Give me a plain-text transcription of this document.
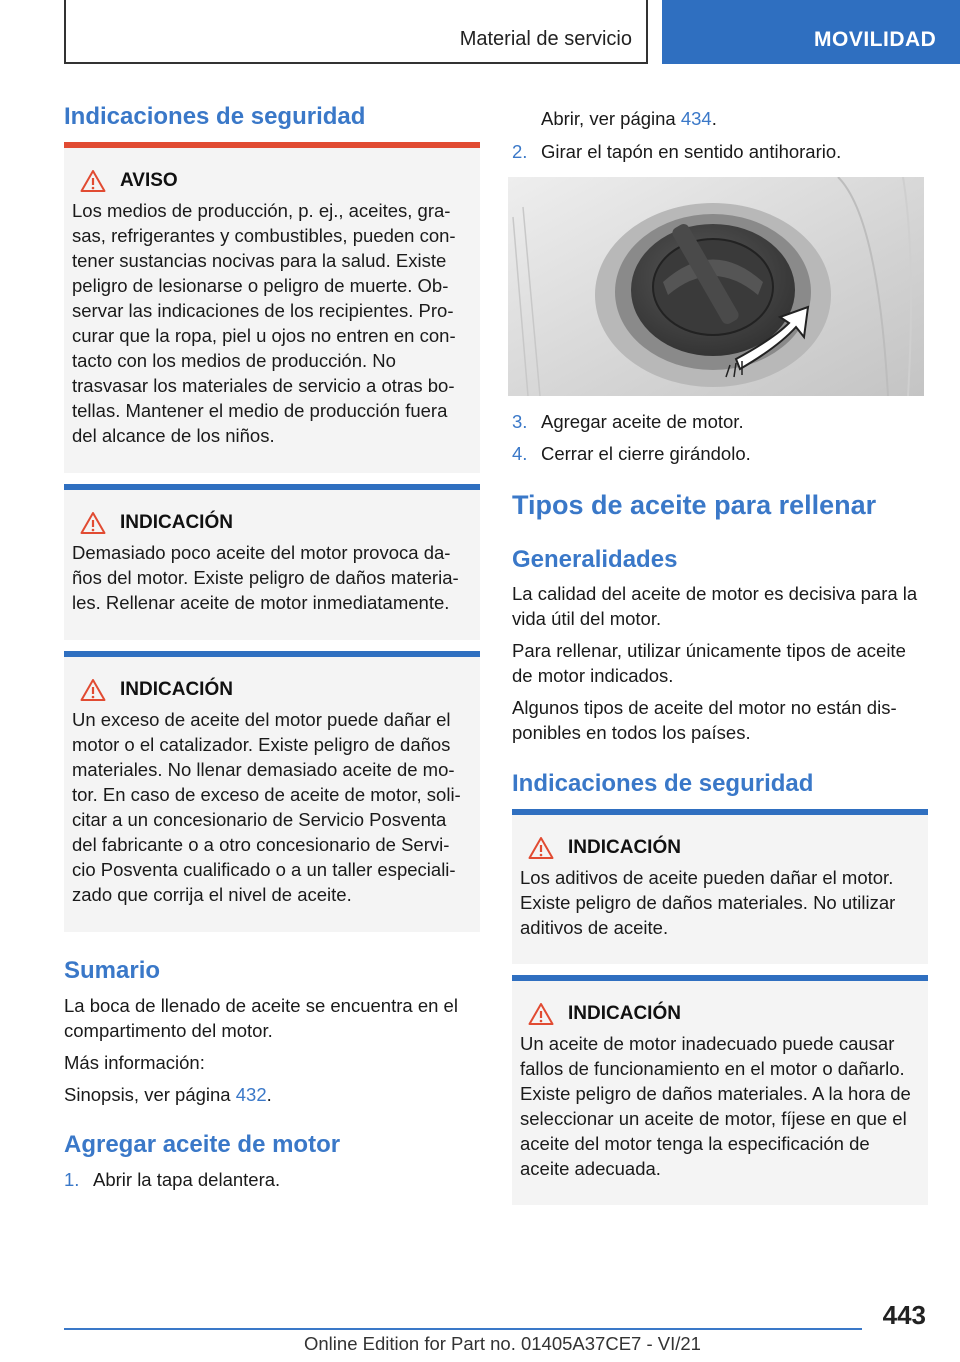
Material de servicio	MOVILIDAD
Indicaciones de seguridad
AVISO
Los medios de producción, p. ej., aceites, gra-
sas, refrigerantes y combustibles, pueden con-
tener sustancias nocivas para la salud. Existe
peligro de lesionarse o peligro de muerte. Ob-
servar las indicaciones de los recipientes. Pro-
curar que la ropa, piel u ojos no entren en con-
tacto con los medios de producción. No
trasvasar los materiales de servicio a otras bo-
tellas. Mantener el medio de producción fuera
del alcance de los niños.
INDICACIÓN
Demasiado poco aceite del motor provoca da-
ños del motor. Existe peligro de daños materia-
les. Rellenar aceite de motor inmediatamente.
INDICACIÓN
Un exceso de aceite del motor puede dañar el
motor o el catalizador. Existe peligro de daños
materiales. No llenar demasiado aceite de mo-
tor. En caso de exceso de aceite de motor, soli-
citar a un concesionario de Servicio Posventa
del fabricante o a otro concesionario de Servi-
cio Posventa cualificado o a un taller especiali-
zado que corrija el nivel de aceite.
Sumario
La boca de llenado de aceite se encuentra en el
compartimento del motor.
Más información:
Sinopsis, ver página 432.
Agregar aceite de motor
1. Abrir la tapa delantera.
Abrir, ver página 434.
2. Girar el tapón en sentido antihorario.
3. Agregar aceite de motor.
4. Cerrar el cierre girándolo.
Tipos de aceite para rellenar
Generalidades
La calidad del aceite de motor es decisiva para la
vida útil del motor.
Para rellenar, utilizar únicamente tipos de aceite
de motor indicados.
Algunos tipos de aceite del motor no están dis-
ponibles en todos los países.
Indicaciones de seguridad
INDICACIÓN
Los aditivos de aceite pueden dañar el motor.
Existe peligro de daños materiales. No utilizar
aditivos de aceite.
INDICACIÓN
Un aceite de motor inadecuado puede causar
fallos de funcionamiento en el motor o dañarlo.
Existe peligro de daños materiales. A la hora de
seleccionar un aceite de motor, fíjese en que el
aceite del motor tenga la especificación de
aceite adecuada.
443
Online Edition for Part no. 01405A37CE7 - VI/21
